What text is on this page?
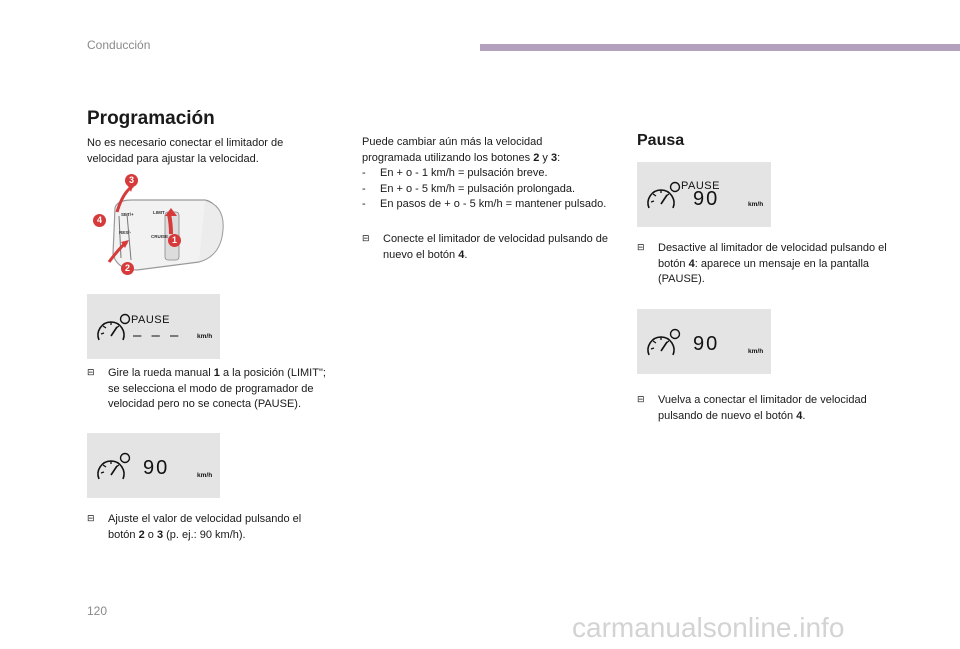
Conducción
Programación
No es necesario conectar el limitador de velocidad para ajustar la velocidad.
SET/+
RES/-
LIMIT
CRUISE
3
4
1
2
PAUSE
– – – km/h
⊟	Gire la rueda manual 1 a la posición (LIMIT"; se selecciona el modo de programador de velocidad pero no se conecta (PAUSE).
90	km/h
⊟	Ajuste el valor de velocidad pulsando el botón 2 o 3 (p. ej.: 90 km/h).
Puede cambiar aún más la velocidad programada utilizando los botones 2 y 3:
-	En + o - 1 km/h = pulsación breve.
-	En + o - 5 km/h = pulsación prolongada.
-	En pasos de + o - 5 km/h = mantener pulsado.
⊟	Conecte el limitador de velocidad pulsando de nuevo el botón 4.
Pausa
PAUSE
90	km/h
⊟	Desactive al limitador de velocidad pulsando el botón 4: aparece un mensaje en la pantalla (PAUSE).
90	km/h
⊟	Vuelva a conectar el limitador de velocidad pulsando de nuevo el botón 4.
120
carmanualsonline.info
